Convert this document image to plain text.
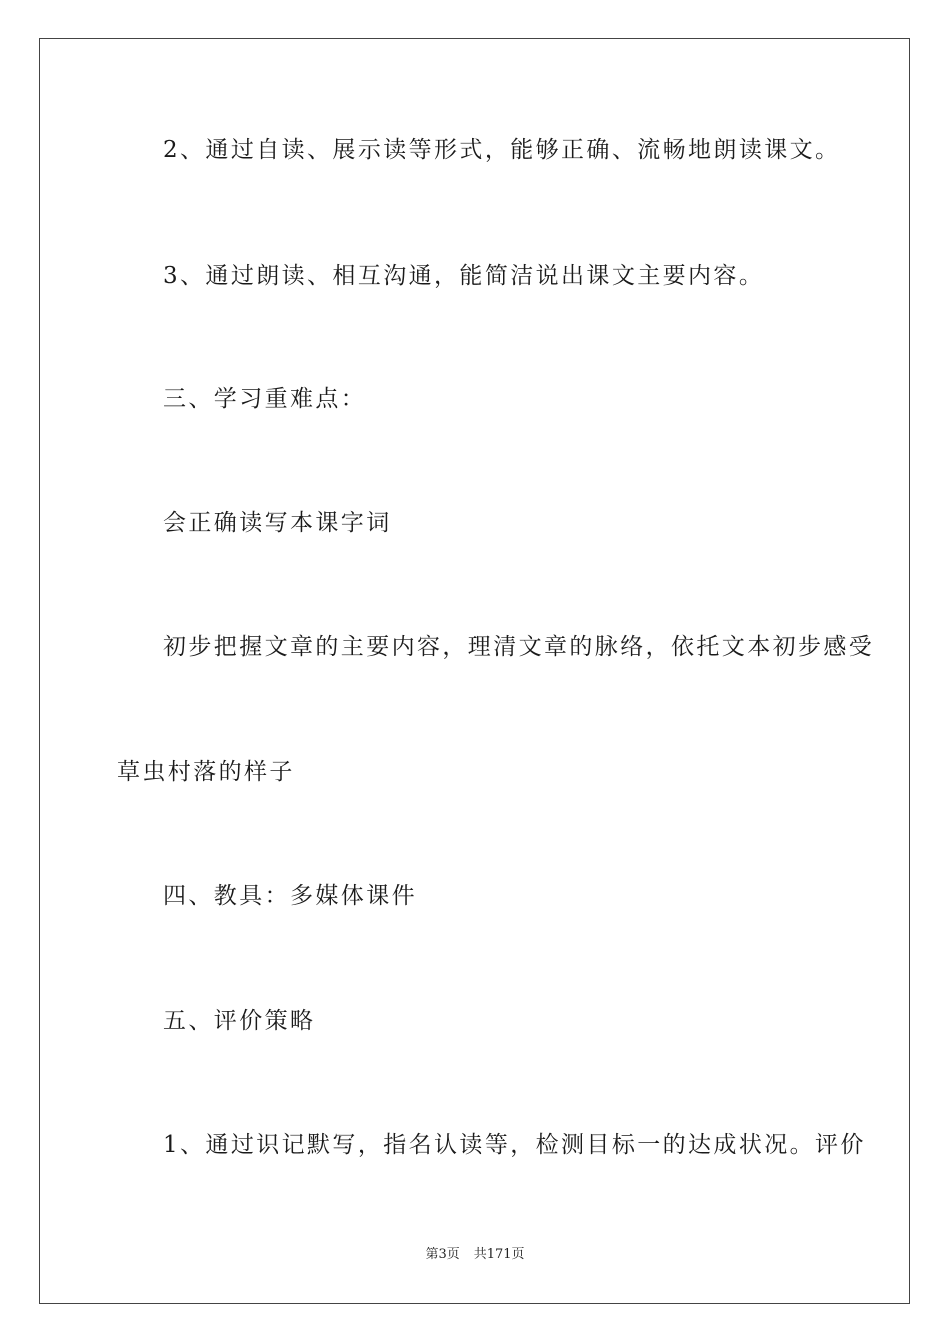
2、通过自读、展示读等形式，能够正确、流畅地朗读课文。
3、通过朗读、相互沟通，能简洁说出课文主要内容。
三、学习重难点：
会正确读写本课字词
初步把握文章的主要内容，理清文章的脉络，依托文本初步感受
草虫村落的样子
四、教具：多媒体课件
五、评价策略
1、通过识记默写，指名认读等，检测目标一的达成状况。评价
第3页 共171页
